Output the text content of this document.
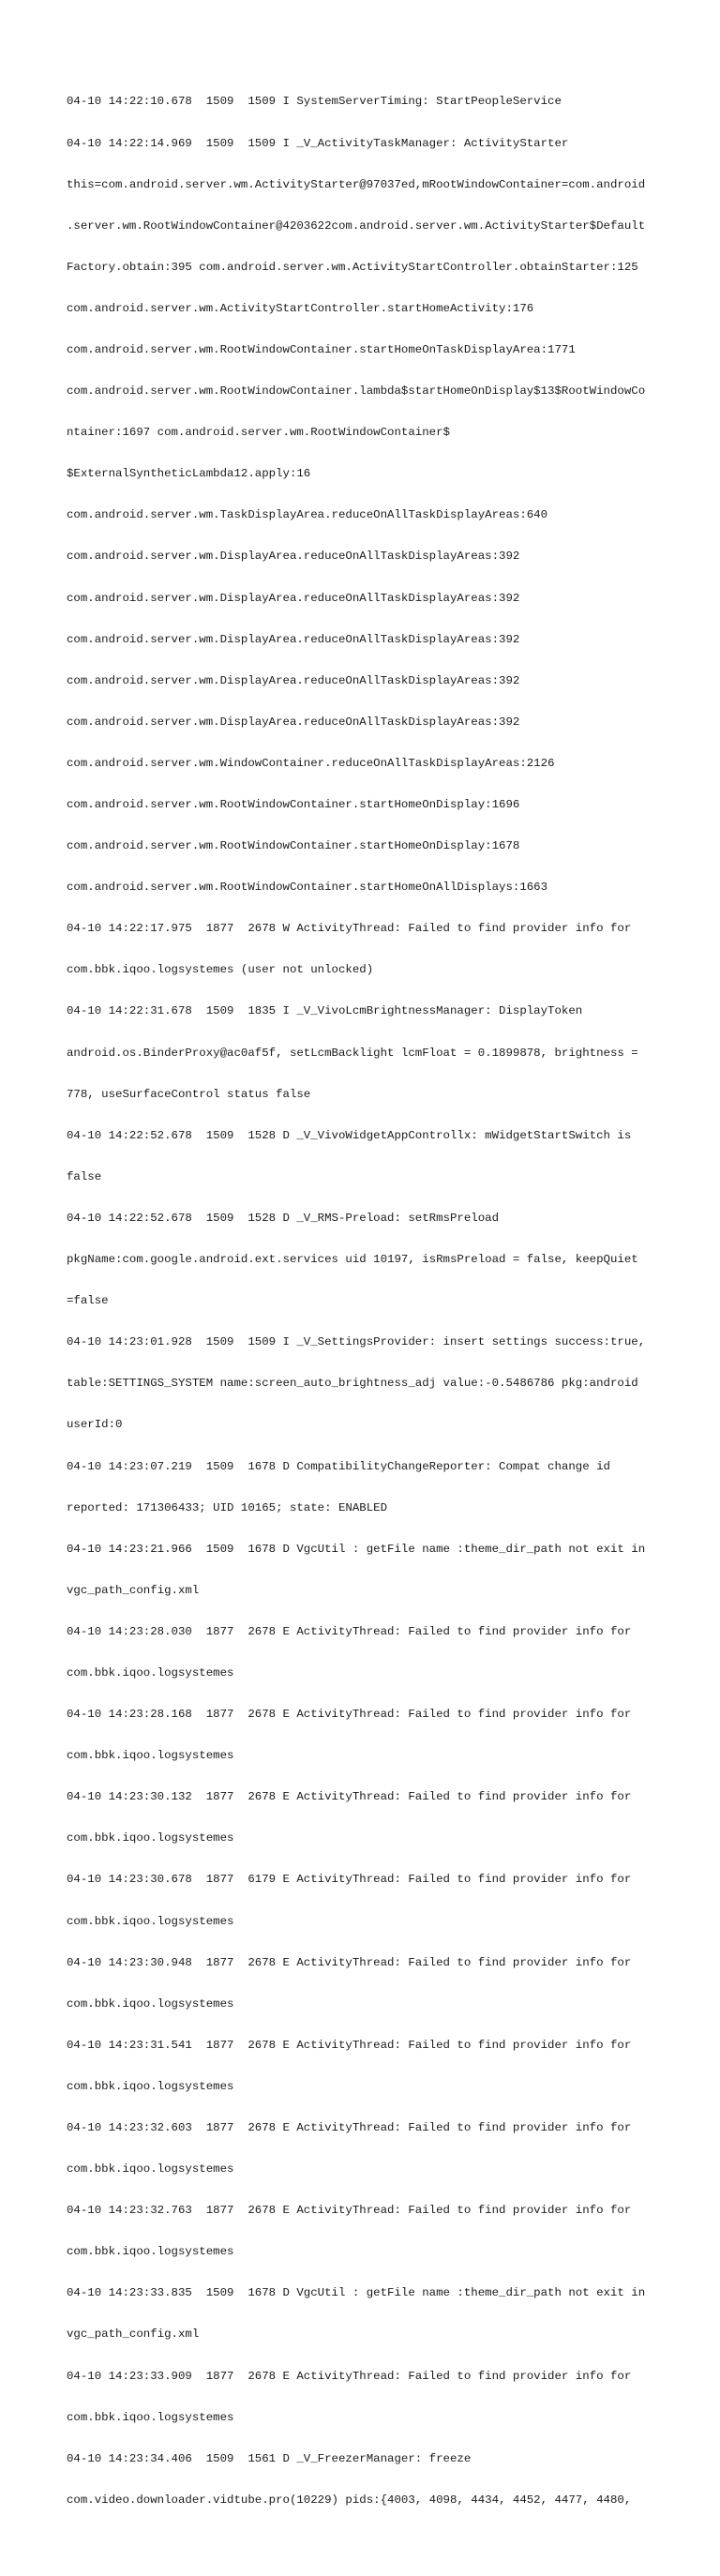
04-10 14:22:10.678  1509  1509 I SystemServerTiming: StartPeopleService

04-10 14:22:14.969  1509  1509 I _V_ActivityTaskManager: ActivityStarter

this=com.android.server.wm.ActivityStarter@97037ed,mRootWindowContainer=com.android

.server.wm.RootWindowContainer@4203622com.android.server.wm.ActivityStarter$Default

Factory.obtain:395 com.android.server.wm.ActivityStartController.obtainStarter:125

com.android.server.wm.ActivityStartController.startHomeActivity:176

com.android.server.wm.RootWindowContainer.startHomeOnTaskDisplayArea:1771

com.android.server.wm.RootWindowContainer.lambda$startHomeOnDisplay$13$RootWindowCo

ntainer:1697 com.android.server.wm.RootWindowContainer$

$ExternalSyntheticLambda12.apply:16

com.android.server.wm.TaskDisplayArea.reduceOnAllTaskDisplayAreas:640

com.android.server.wm.DisplayArea.reduceOnAllTaskDisplayAreas:392

com.android.server.wm.DisplayArea.reduceOnAllTaskDisplayAreas:392

com.android.server.wm.DisplayArea.reduceOnAllTaskDisplayAreas:392

com.android.server.wm.DisplayArea.reduceOnAllTaskDisplayAreas:392

com.android.server.wm.DisplayArea.reduceOnAllTaskDisplayAreas:392

com.android.server.wm.WindowContainer.reduceOnAllTaskDisplayAreas:2126

com.android.server.wm.RootWindowContainer.startHomeOnDisplay:1696

com.android.server.wm.RootWindowContainer.startHomeOnDisplay:1678

com.android.server.wm.RootWindowContainer.startHomeOnAllDisplays:1663

04-10 14:22:17.975  1877  2678 W ActivityThread: Failed to find provider info for

com.bbk.iqoo.logsystemes (user not unlocked)

04-10 14:22:31.678  1509  1835 I _V_VivoLcmBrightnessManager: DisplayToken

android.os.BinderProxy@ac0af5f, setLcmBacklight lcmFloat = 0.1899878, brightness =

778, useSurfaceControl status false

04-10 14:22:52.678  1509  1528 D _V_VivoWidgetAppControllx: mWidgetStartSwitch is

false

04-10 14:22:52.678  1509  1528 D _V_RMS-Preload: setRmsPreload

pkgName:com.google.android.ext.services uid 10197, isRmsPreload = false, keepQuiet

=false

04-10 14:23:01.928  1509  1509 I _V_SettingsProvider: insert settings success:true,

table:SETTINGS_SYSTEM name:screen_auto_brightness_adj value:-0.5486786 pkg:android

userId:0

04-10 14:23:07.219  1509  1678 D CompatibilityChangeReporter: Compat change id

reported: 171306433; UID 10165; state: ENABLED

04-10 14:23:21.966  1509  1678 D VgcUtil : getFile name :theme_dir_path not exit in

vgc_path_config.xml

04-10 14:23:28.030  1877  2678 E ActivityThread: Failed to find provider info for

com.bbk.iqoo.logsystemes

04-10 14:23:28.168  1877  2678 E ActivityThread: Failed to find provider info for

com.bbk.iqoo.logsystemes

04-10 14:23:30.132  1877  2678 E ActivityThread: Failed to find provider info for

com.bbk.iqoo.logsystemes

04-10 14:23:30.678  1877  6179 E ActivityThread: Failed to find provider info for

com.bbk.iqoo.logsystemes

04-10 14:23:30.948  1877  2678 E ActivityThread: Failed to find provider info for

com.bbk.iqoo.logsystemes

04-10 14:23:31.541  1877  2678 E ActivityThread: Failed to find provider info for

com.bbk.iqoo.logsystemes

04-10 14:23:32.603  1877  2678 E ActivityThread: Failed to find provider info for

com.bbk.iqoo.logsystemes

04-10 14:23:32.763  1877  2678 E ActivityThread: Failed to find provider info for

com.bbk.iqoo.logsystemes

04-10 14:23:33.835  1509  1678 D VgcUtil : getFile name :theme_dir_path not exit in

vgc_path_config.xml

04-10 14:23:33.909  1877  2678 E ActivityThread: Failed to find provider info for

com.bbk.iqoo.logsystemes

04-10 14:23:34.406  1509  1561 D _V_FreezerManager: freeze

com.video.downloader.vidtube.pro(10229) pids:{4003, 4098, 4434, 4452, 4477, 4480,
